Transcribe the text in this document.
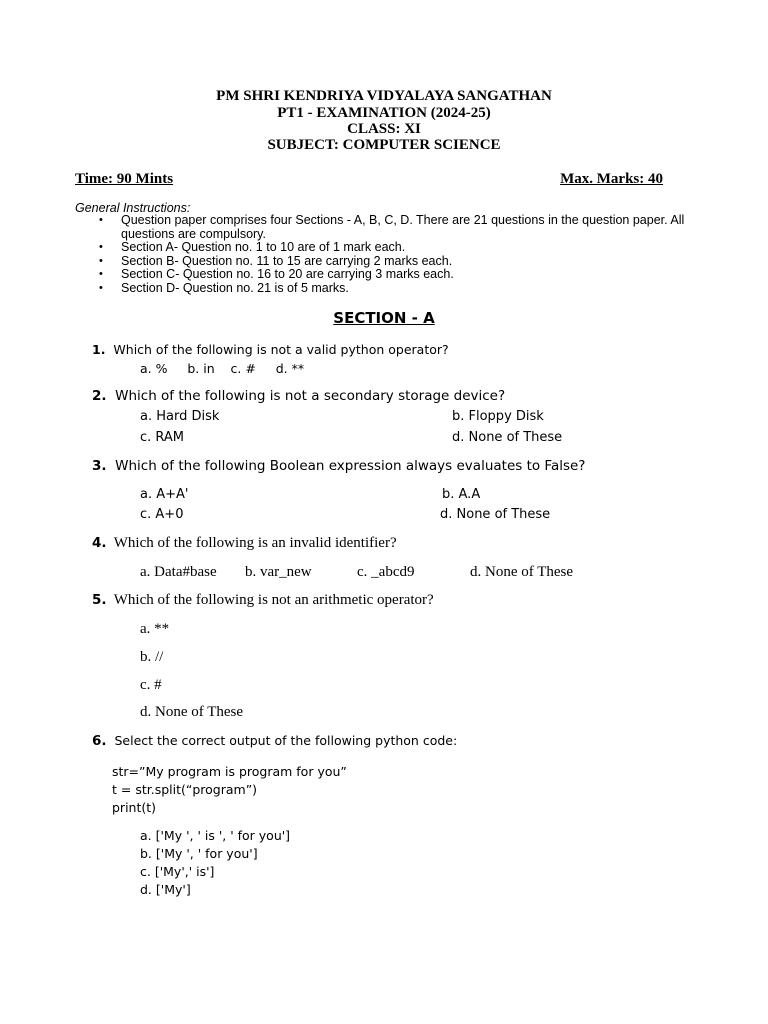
PM SHRI KENDRIYA VIDYALAYA SANGATHAN
PT1 - EXAMINATION (2024-25)
CLASS: XI
SUBJECT: COMPUTER SCIENCE
Time: 90 Mints	Max. Marks: 40
General Instructions:
• Question paper comprises four Sections - A, B, C, D. There are 21 questions in the question paper. All questions are compulsory.
• Section A- Question no. 1 to 10 are of 1 mark each.
• Section B- Question no. 11 to 15 are carrying 2 marks each.
• Section C- Question no. 16 to 20 are carrying 3 marks each.
• Section D- Question no. 21 is of 5 marks.
SECTION - A
1. Which of the following is not a valid python operator?
a. % b. in c. # d. **
2. Which of the following is not a secondary storage device?
a. Hard Disk	b. Floppy Disk
c. RAM	d. None of These
3. Which of the following Boolean expression always evaluates to False?
a. A+A'	b. A.A
c. A+0	d. None of These
4. Which of the following is an invalid identifier?
a. Data#base b. var_new	c. _abcd9	d. None of These
5. Which of the following is not an arithmetic operator?
a. **
b. //
c. #
d. None of These
6. Select the correct output of the following python code:
str=”My program is program for you”
t = str.split(“program”)
print(t)
a. ['My ', ' is ', ' for you']
b. ['My ', ' for you']
c. ['My',' is']
d. ['My']
